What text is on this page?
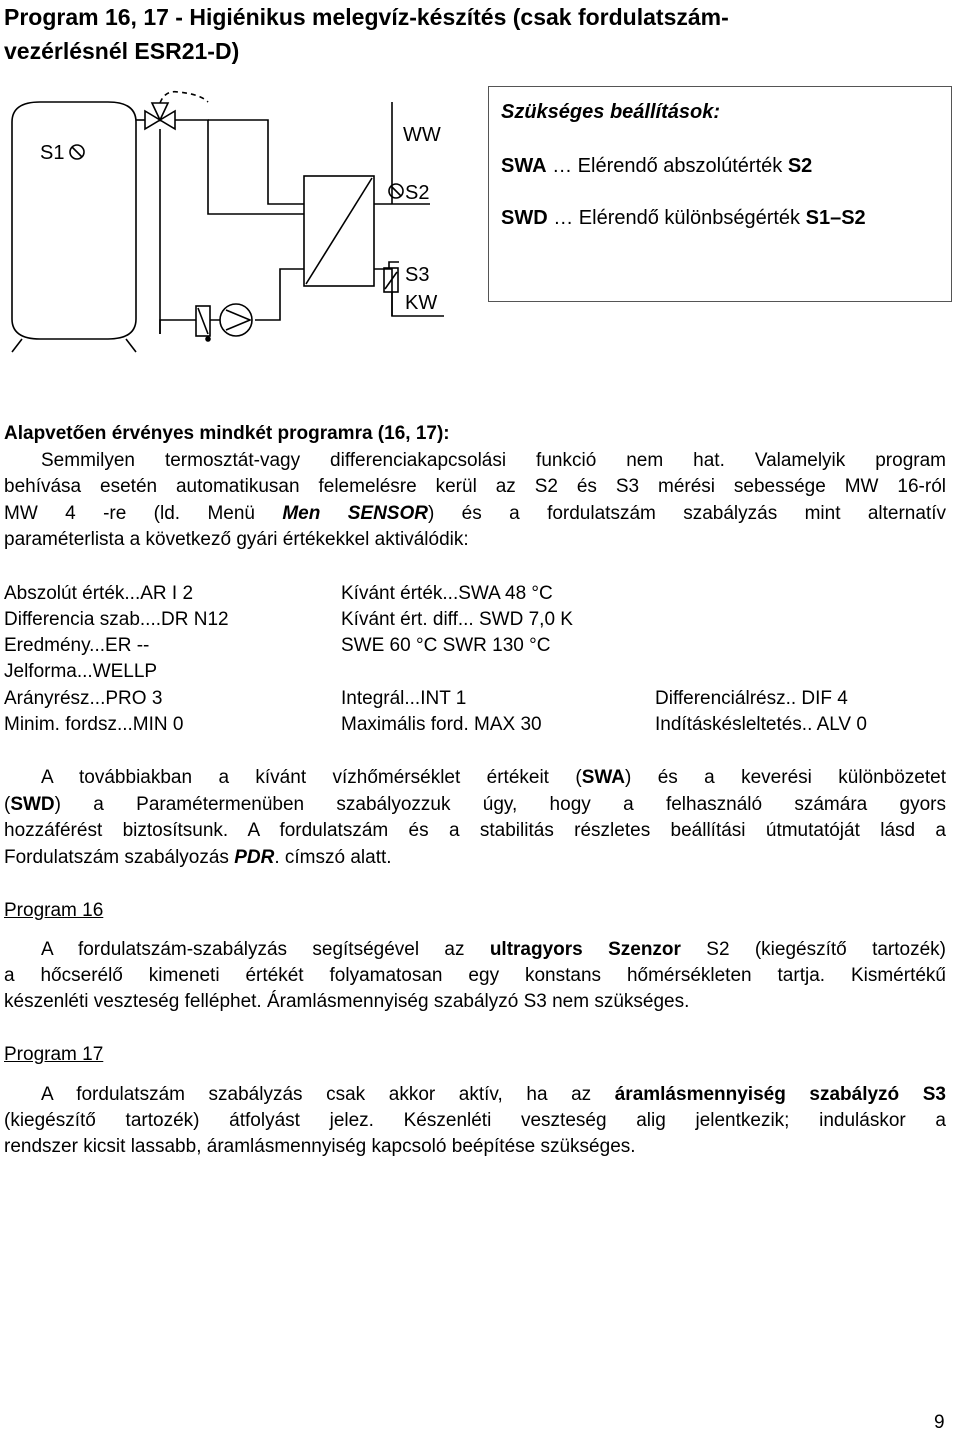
Program 16, 17 - Higiénikus melegvíz-készítés (csak fordulatszám-
vezérlésnél ESR21-D)
S1
WW
S2
S3
KW
Szükséges beállítások:
SWA … Elérendő abszolútérték S2
SWD … Elérendő különbségérték S1–S2
Alapvetően érvényes mindkét programra (16, 17):
Semmilyen termosztát-vagy differenciakapcsolási funkció nem hat. Valamelyik program
behívása esetén automatikusan felemelésre kerül az S2 és S3 mérési sebessége MW 16-ról
MW 4 -re (ld. Menü Men SENSOR) és a fordulatszám szabályzás mint alternatív
paraméterlista a következő gyári értékekkel aktiválódik:
Abszolút érték...AR I 2
Differencia szab....DR N12
Eredmény...ER --
Jelforma...WELLP
Arányrész...PRO 3
Minim. fordsz...MIN 0
Kívánt érték...SWA 48 °C
Kívánt ért. diff... SWD 7,0 K
SWE 60 °C SWR 130 °C
Integrál...INT 1
Maximális ford. MAX 30
Differenciálrész.. DIF 4
Indításkésleltetés.. ALV 0
A továbbiakban a kívánt vízhőmérséklet értékeit (SWA) és a keverési különbözetet
(SWD) a Paramétermenüben szabályozzuk úgy, hogy a felhasználó számára gyors
hozzáférést biztosítsunk. A fordulatszám és a stabilitás részletes beállítási útmutatóját lásd a
Fordulatszám szabályozás PDR. címszó alatt.
Program 16
A fordulatszám-szabályzás segítségével az ultragyors Szenzor S2 (kiegészítő tartozék)
a hőcserélő kimeneti értékét folyamatosan egy konstans hőmérsékleten tartja. Kismértékű
készenléti veszteség felléphet. Áramlásmennyiség szabályzó S3 nem szükséges.
Program 17
A fordulatszám szabályzás csak akkor aktív, ha az áramlásmennyiség szabályzó S3
(kiegészítő tartozék) átfolyást jelez. Készenléti veszteség alig jelentkezik; induláskor a
rendszer kicsit lassabb, áramlásmennyiség kapcsoló beépítése szükséges.
9
